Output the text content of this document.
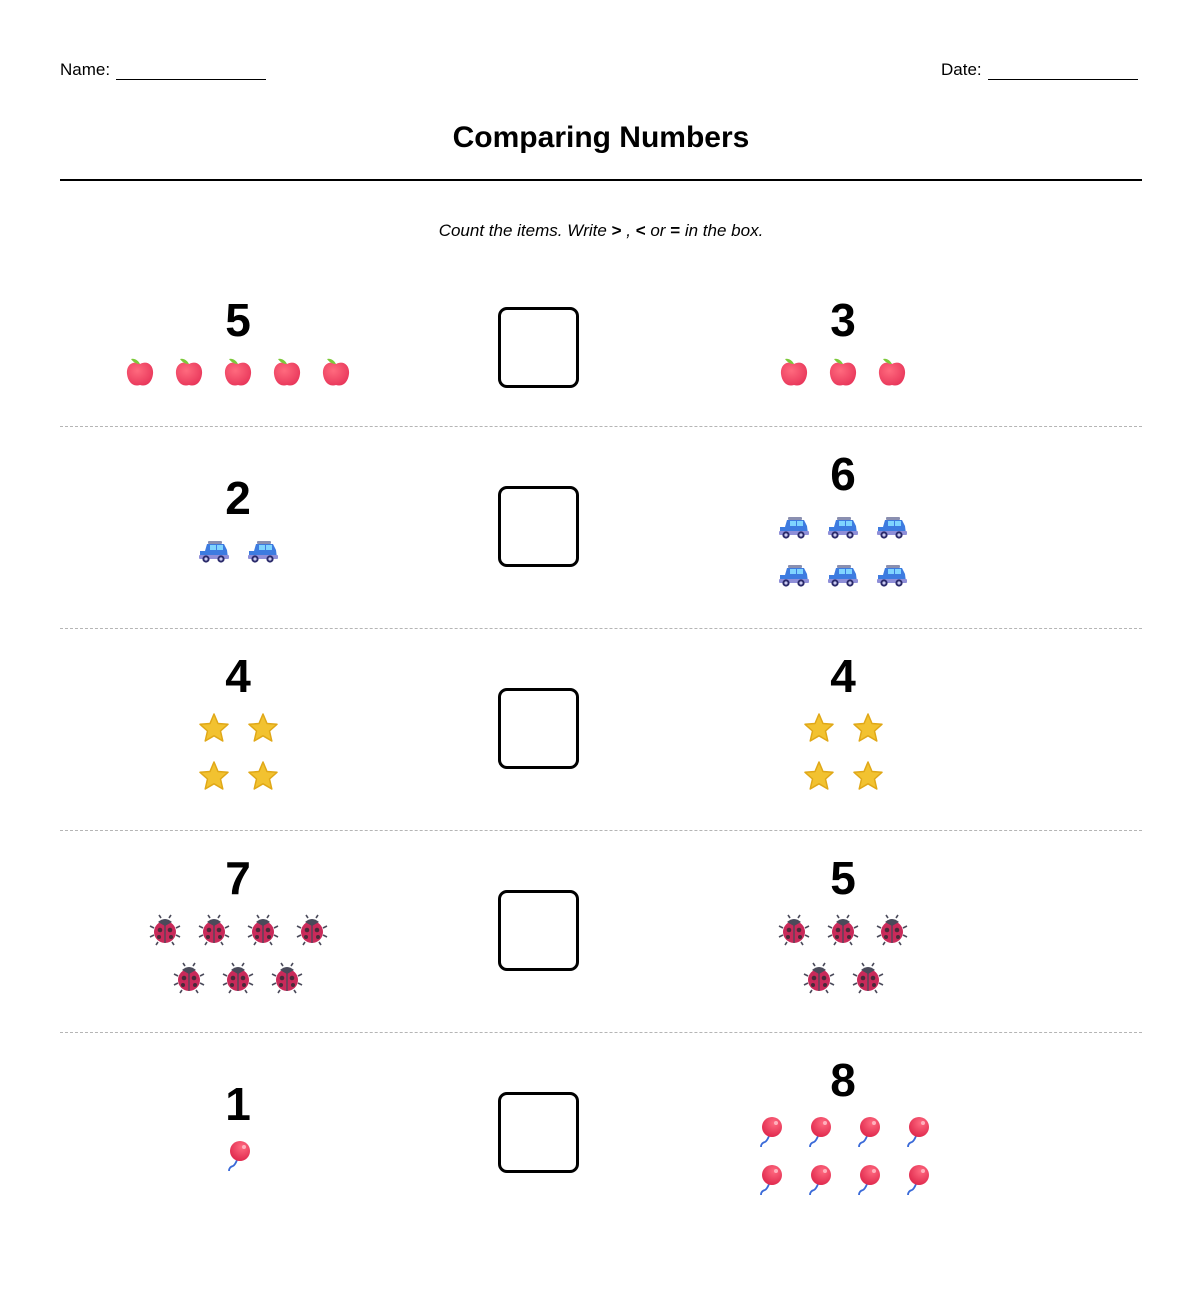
Name:	Date:
Comparing Numbers
Count the items. Write > , < or = in the box.
5	3
2	6
4	4
7	5
1	8
